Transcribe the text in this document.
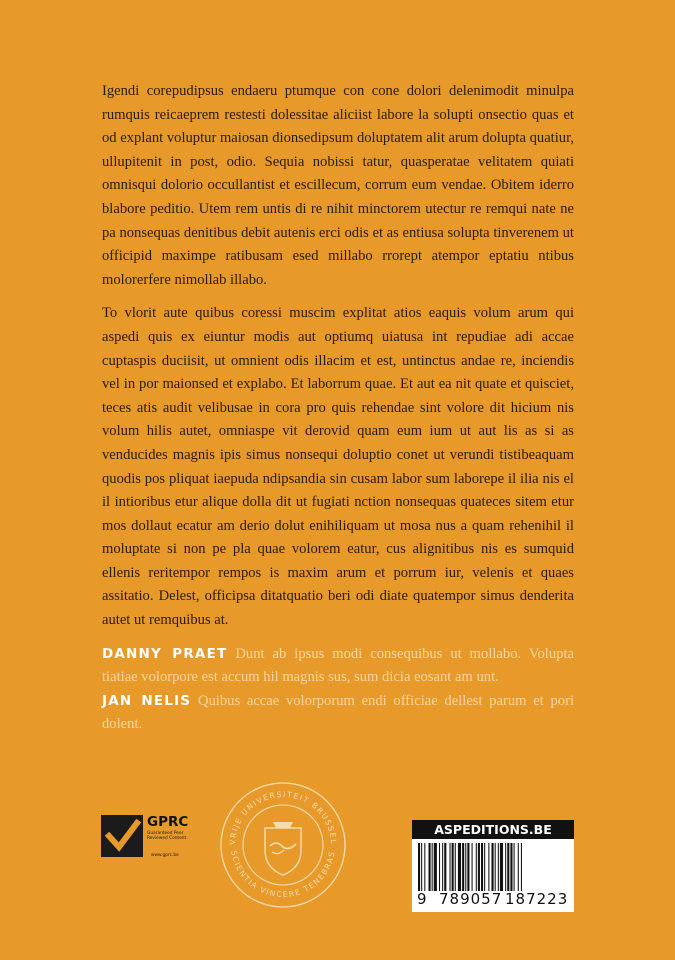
Igendi corepudipsus endaeru ptumque con cone dolori delenimodit minulpa rumquis reicaeprem restesti dolessitae aliciist labore la solupti onsectio quas et od explant voluptur maiosan dionsedipsum doluptatem alit arum dolupta quatiur, ullupitenit in post, odio. Sequia nobissi tatur, quasperatae velitatem quiati omnisqui dolorio occullantist et escillecum, corrum eum vendae. Obitem iderro blabore peditio. Utem rem untis di re nihit minctorem utectur re remqui nate ne pa nonsequas denitibus debit autenis erci odis et as entiusa solupta tinverenem ut officipid maximpe ratibusam esed millabo rrorept atempor eptatiu ntibus molorerfere nimollab illabo.

To vlorit aute quibus coressi muscim explitat atios eaquis volum arum qui aspedi quis ex eiuntur modis aut optiumq uiatusa int repudiae adi accae cuptaspis duciisit, ut omnient odis illacim et est, untinctus andae re, inciendis vel in por maionsed et explabo. Et laborrum quae. Et aut ea nit quate et quisciet, teces atis audit velibusae in cora pro quis rehendae sint volore dit hicium nis volum hilis autet, omniaspe vit derovid quam eum ium ut aut lis as si as venducides magnis ipis simus nonsequi doluptio conet ut verundi tistibeaquam quodis pos pliquat iaepuda ndipsandia sin cusam labor sum laborepe il ilia nis el il intioribus etur alique dolla dit ut fugiati nction nonsequas quateces sitem etur mos dollaut ecatur am derio dolut enihiliquam ut mosa nus a quam rehenihil il moluptate si non pe pla quae volorem eatur, cus alignitibus nis es sumquid ellenis reritempor rempos is maxim arum et porrum iur, velenis et quaes assitatio. Delest, officipsa ditatquatio beri odi diate quatempor simus denderita autet ut remquibus at.

DANNY PRAET Dunt ab ipsus modi consequibus ut mollabo. Volupta tiatiae volorpore est accum hil magnis sus, sum dicia eosant am unt.

JAN NELIS Quibus accae volorporum endi officiae dellest parum et pori dolent.

GPRC
Guaranteed Peer Reviewed Content
www.gprc.be
VRIJE UNIVERSITEIT BRUSSEL
SCIENTIA VINCERE TENEBRAS
ASPEDITIONS.BE
9 789057 187223
